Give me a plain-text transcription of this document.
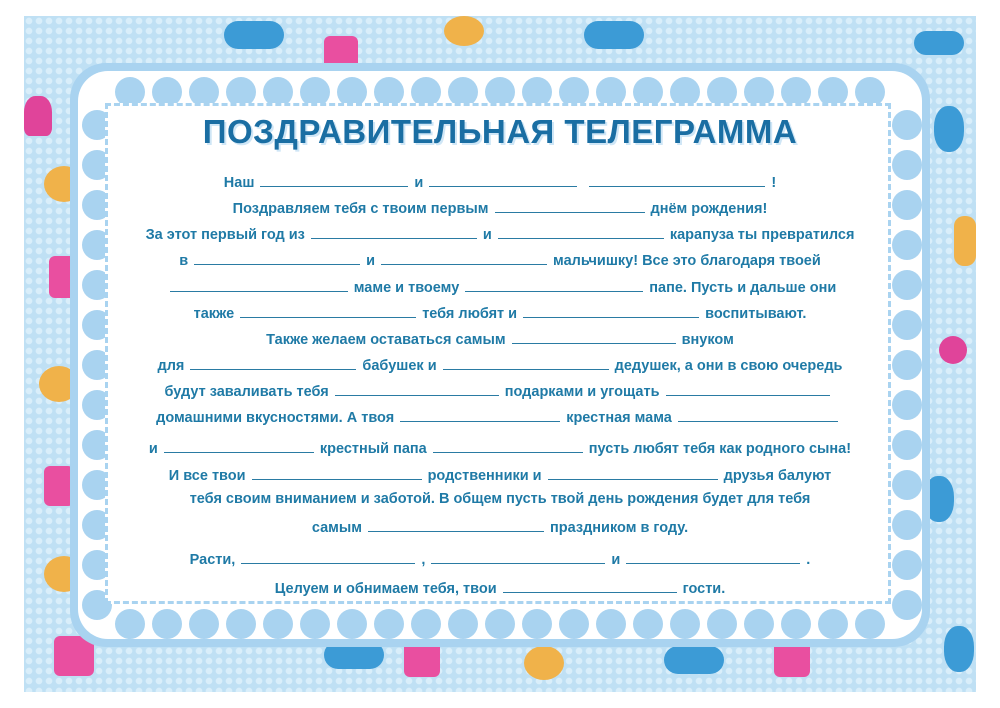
ПОЗДРАВИТЕЛЬНАЯ ТЕЛЕГРАММА
Наш	и	!
Поздравляем тебя с твоим первым	днём рождения!
За этот первый год из	и	карапуза ты превратился
в	и	мальчишку! Все это благодаря твоей
маме и твоему	папе. Пусть и дальше они
также	тебя любят и	воспитывают.
Также желаем оставаться самым	внуком
для	бабушек и	дедушек, а они в свою очередь
будут заваливать тебя	подарками и угощать
домашними вкусностями. А твоя	крестная мама
и	крестный папа	пусть любят тебя как родного сына!
И все твои	родственники и	друзья балуют
тебя своим вниманием и заботой. В общем пусть твой день рождения будет для тебя
самым	праздником в году.
Расти,	,	и	.
Целуем и обнимаем тебя, твои	гости.
